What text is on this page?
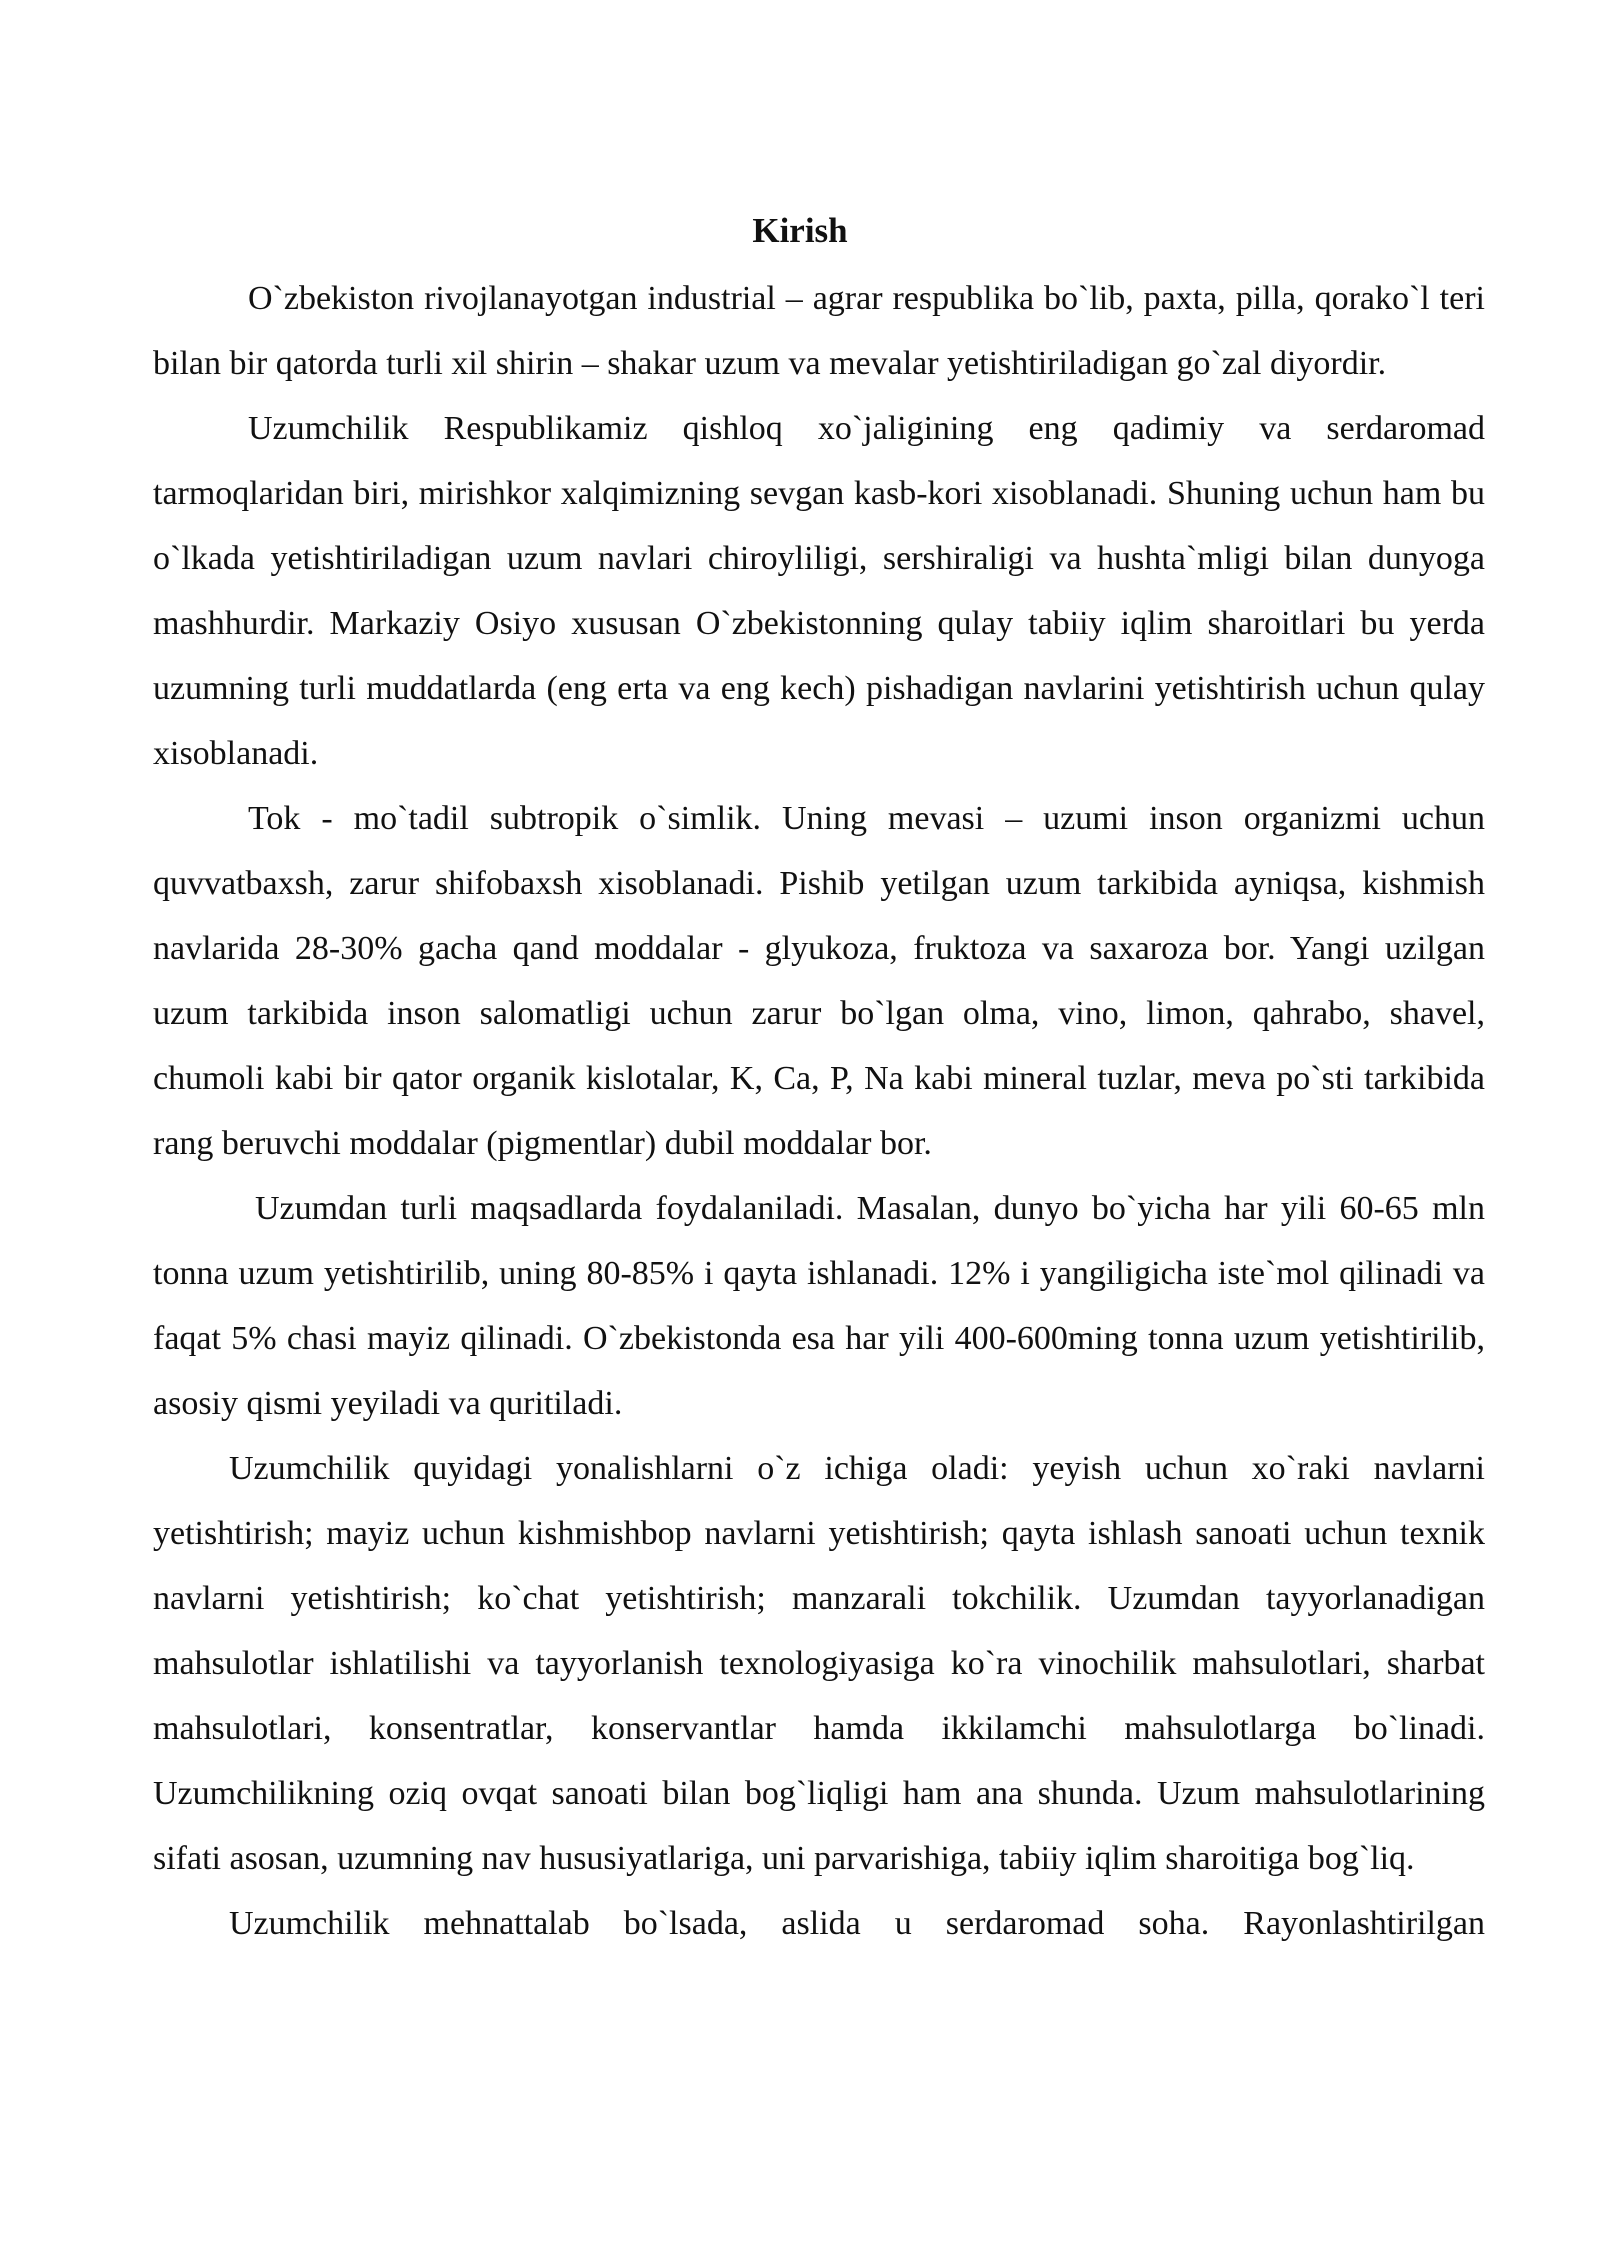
Kirish

O`zbekiston rivojlanayotgan industrial – agrar respublika bo`lib, paxta, pilla, qorako`l teri bilan bir qatorda turli xil shirin – shakar uzum va mevalar yetishtiriladigan go`zal diyordir.

Uzumchilik Respublikamiz qishloq xo`jaligining eng qadimiy va serdaromad tarmoqlaridan biri, mirishkor xalqimizning sevgan kasb-kori xisoblanadi. Shuning uchun ham bu o`lkada yetishtiriladigan uzum navlari chiroyliligi, sershiraligi va hushta`mligi bilan dunyoga mashhurdir. Markaziy Osiyo xususan O`zbekistonning qulay tabiiy iqlim sharoitlari bu yerda uzumning turli muddatlarda (eng erta va eng kech) pishadigan navlarini yetishtirish uchun qulay xisoblanadi.

Tok - mo`tadil subtropik o`simlik. Uning mevasi – uzumi inson organizmi uchun quvvatbaxsh, zarur shifobaxsh xisoblanadi. Pishib yetilgan uzum tarkibida ayniqsa, kishmish navlarida 28-30% gacha qand moddalar - glyukoza, fruktoza va saxaroza bor. Yangi uzilgan uzum tarkibida inson salomatligi uchun zarur bo`lgan olma, vino, limon, qahrabo, shavel, chumoli kabi bir qator organik kislotalar, K, Ca, P, Na kabi mineral tuzlar, meva po`sti tarkibida rang beruvchi moddalar (pigmentlar) dubil moddalar bor.

Uzumdan turli maqsadlarda foydalaniladi. Masalan, dunyo bo`yicha har yili 60-65 mln tonna uzum yetishtirilib, uning 80-85% i qayta ishlanadi. 12% i yangiligicha iste`mol qilinadi va faqat 5% chasi mayiz qilinadi. O`zbekistonda esa har yili 400-600ming tonna uzum yetishtirilib, asosiy qismi yeyiladi va quritiladi.

Uzumchilik quyidagi yonalishlarni o`z ichiga oladi: yeyish uchun xo`raki navlarni yetishtirish; mayiz uchun kishmishbop navlarni yetishtirish; qayta ishlash sanoati uchun texnik navlarni yetishtirish; ko`chat yetishtirish; manzarali tokchilik. Uzumdan tayyorlanadigan mahsulotlar ishlatilishi va tayyorlanish texnologiyasiga ko`ra vinochilik mahsulotlari, sharbat mahsulotlari, konsentratlar, konservantlar hamda ikkilamchi mahsulotlarga bo`linadi. Uzumchilikning oziq ovqat sanoati bilan bog`liqligi ham ana shunda. Uzum mahsulotlarining sifati asosan, uzumning nav hususiyatlariga, uni parvarishiga, tabiiy iqlim sharoitiga bog`liq.

Uzumchilik mehnattalab bo`lsada, aslida u serdaromad soha. Rayonlashtirilgan
